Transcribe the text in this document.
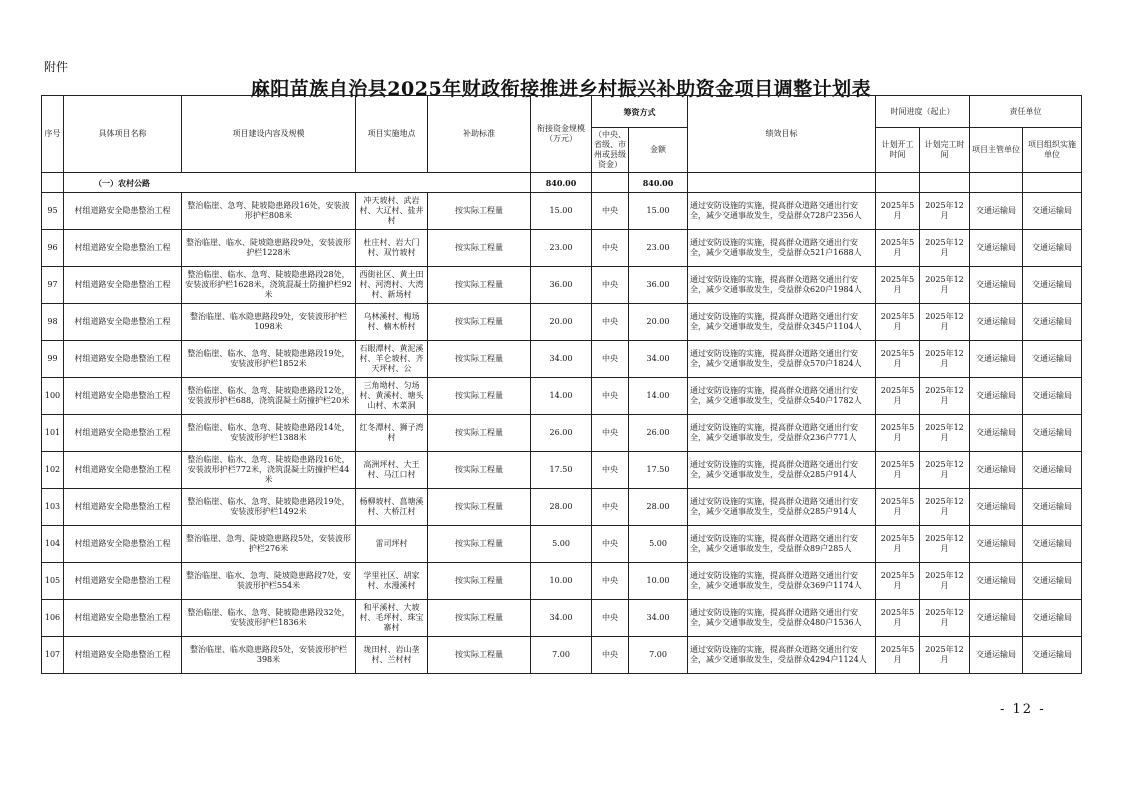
附件
麻阳苗族自治县2025年财政衔接推进乡村振兴补助资金项目调整计划表
序号	具体项目名称	项目建设内容及规模	项目实施地点	补助标准	衔接资金规模（万元）	筹资方式		绩效目标	时间进度（起止）		责任单位	
						（中央、省级、市州或县级资金）	金额		计划开工时间	计划完工时间	项目主管单位	项目组织实施单位
	（一）农村公路				840.00		840.00					
95	村组道路安全隐患整治工程	整治临崖、急弯、陡坡隐患路段16处，安装波形护栏808米	冲天坡村、武岩村、大辽村、盐井村	按实际工程量	15.00	中央	15.00	通过安防设施的实施，提高群众道路交通出行安全，减少交通事故发生，受益群众728户2356人	2025年5月	2025年12月	交通运输局	交通运输局
96	村组道路安全隐患整治工程	整治临崖、临水、陡坡隐患路段9处，安装波形护栏1228米	杜庄村、岩大门村、双竹坡村	按实际工程量	23.00	中央	23.00	通过安防设施的实施，提高群众道路交通出行安全，减少交通事故发生，受益群众521户1688人	2025年5月	2025年12月	交通运输局	交通运输局
97	村组道路安全隐患整治工程	整治临崖、临水、急弯、陡坡隐患路段28处，安装波形护栏1628米，浇筑混凝土防撞护栏92米	西街社区、黄土田村、河湾村、大湾村、新场村	按实际工程量	36.00	中央	36.00	通过安防设施的实施，提高群众道路交通出行安全，减少交通事故发生，受益群众620户1984人	2025年5月	2025年12月	交通运输局	交通运输局
98	村组道路安全隐患整治工程	整治临崖、临水隐患路段9处，安装波形护栏1098米	乌林溪村、梅场村、楠木桥村	按实际工程量	20.00	中央	20.00	通过安防设施的实施，提高群众道路交通出行安全，减少交通事故发生，受益群众345户1104人	2025年5月	2025年12月	交通运输局	交通运输局
99	村组道路安全隐患整治工程	整治临崖、临水、急弯、陡坡隐患路段19处，安装波形护栏1852米	石眼潭村、黄泥溪村、羊仑坡村、齐天坪村、公	按实际工程量	34.00	中央	34.00	通过安防设施的实施，提高群众道路交通出行安全，减少交通事故发生，受益群众570户1824人	2025年5月	2025年12月	交通运输局	交通运输局
100	村组道路安全隐患整治工程	整治临崖、临水、急弯、陡坡隐患路段12处，安装波形护栏688，浇筑混凝土防撞护栏20米	三角坳村、匀场村、黄溪村、塘头山村、木菜洞	按实际工程量	14.00	中央	14.00	通过安防设施的实施，提高群众道路交通出行安全，减少交通事故发生，受益群众540户1782人	2025年5月	2025年12月	交通运输局	交通运输局
101	村组道路安全隐患整治工程	整治临崖、临水、急弯、陡坡隐患路段14处，安装波形护栏1388米	红冬潭村、狮子湾村	按实际工程量	26.00	中央	26.00	通过安防设施的实施，提高群众道路交通出行安全，减少交通事故发生，受益群众236户771人	2025年5月	2025年12月	交通运输局	交通运输局
102	村组道路安全隐患整治工程	整治临崖、临水、急弯、陡坡隐患路段16处，安装波形护栏772米，浇筑混凝土防撞护栏44米	高洲坪村、大王村、马江口村	按实际工程量	17.50	中央	17.50	通过安防设施的实施，提高群众道路交通出行安全，减少交通事故发生，受益群众285户914人	2025年5月	2025年12月	交通运输局	交通运输局
103	村组道路安全隐患整治工程	整治临崖、临水、急弯、陡坡隐患路段19处，安装波形护栏1492米	杨柳坡村、菖塘溪村、大桥江村	按实际工程量	28.00	中央	28.00	通过安防设施的实施，提高群众道路交通出行安全，减少交通事故发生，受益群众285户914人	2025年5月	2025年12月	交通运输局	交通运输局
104	村组道路安全隐患整治工程	整治临崖、急弯、陡坡隐患路段5处，安装波形护栏276米	雷司坪村	按实际工程量	5.00	中央	5.00	通过安防设施的实施，提高群众道路交通出行安全，减少交通事故发生，受益群众89户285人	2025年5月	2025年12月	交通运输局	交通运输局
105	村组道路安全隐患整治工程	整治临崖、临水、急弯、陡坡隐患路段7处，安装波形护栏554米	学里社区、胡家村、水漫溪村	按实际工程量	10.00	中央	10.00	通过安防设施的实施，提高群众道路交通出行安全，减少交通事故发生，受益群众369户1174人	2025年5月	2025年12月	交通运输局	交通运输局
106	村组道路安全隐患整治工程	整治临崖、临水、急弯、陡坡隐患路段32处，安装波形护栏1836米	和平溪村、大坡村、毛坪村、珠宝寨村	按实际工程量	34.00	中央	34.00	通过安防设施的实施，提高群众道路交通出行安全，减少交通事故发生，受益群众480户1536人	2025年5月	2025年12月	交通运输局	交通运输局
107	村组道路安全隐患整治工程	整治临崖、临水隐患路段5处，安装波形护栏398米	垅田村、岩山垄村、兰村村	按实际工程量	7.00	中央	7.00	通过安防设施的实施，提高群众道路交通出行安全，减少交通事故发生，受益群众4294户1124人	2025年5月	2025年12月	交通运输局	交通运输局
- 12 -
